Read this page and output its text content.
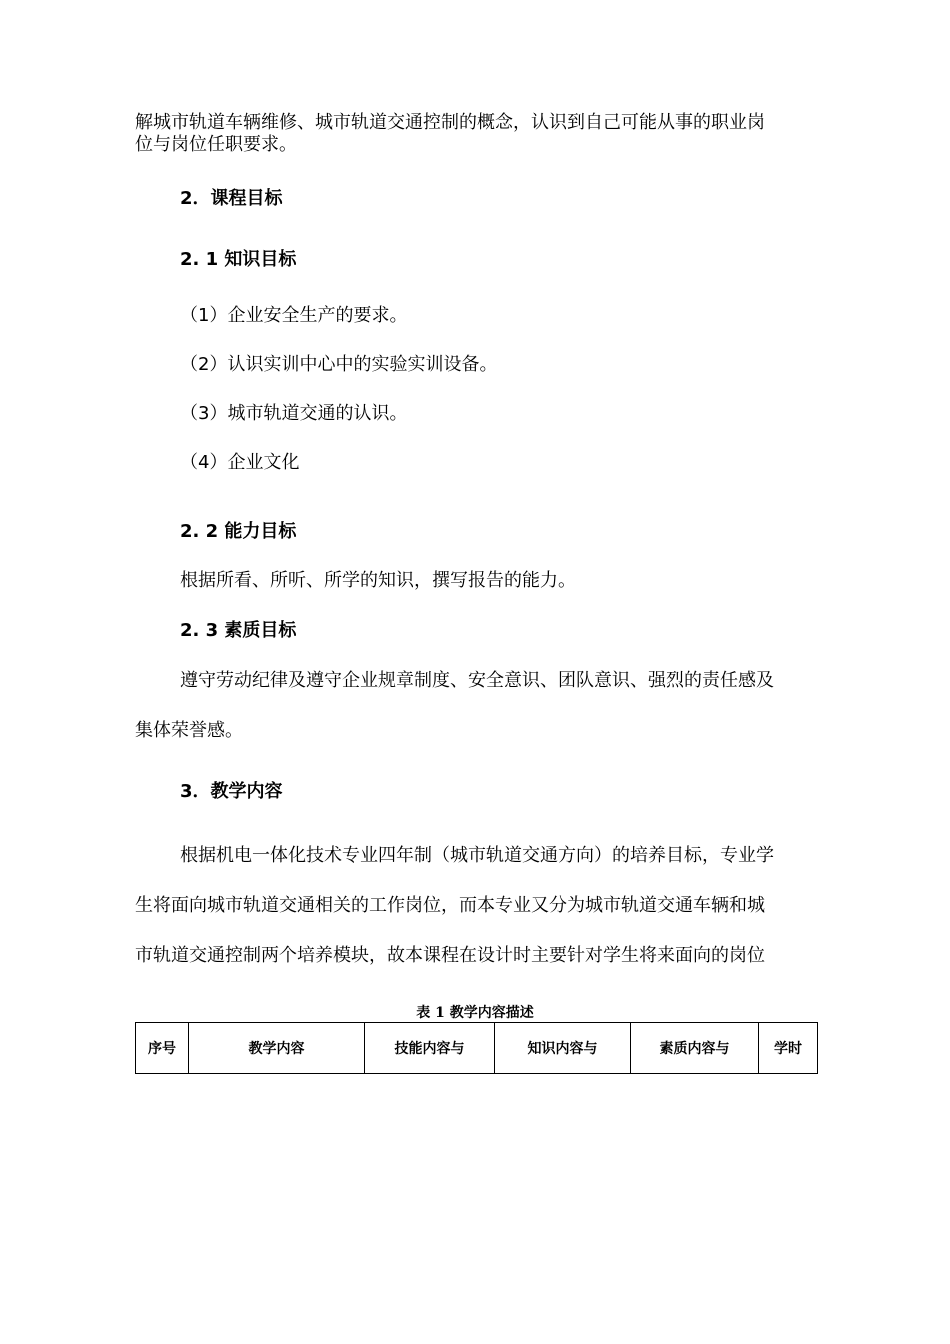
解城市轨道车辆维修、城市轨道交通控制的概念，认识到自己可能从事的职业岗
位与岗位任职要求。
2．课程目标
2. 1 知识目标
（1）企业安全生产的要求。
（2）认识实训中心中的实验实训设备。
（3）城市轨道交通的认识。
（4）企业文化
2. 2 能力目标
根据所看、所听、所学的知识，撰写报告的能力。
2. 3 素质目标
遵守劳动纪律及遵守企业规章制度、安全意识、团队意识、强烈的责任感及
集体荣誉感。
3．教学内容
根据机电一体化技术专业四年制（城市轨道交通方向）的培养目标，专业学
生将面向城市轨道交通相关的工作岗位，而本专业又分为城市轨道交通车辆和城
市轨道交通控制两个培养模块，故本课程在设计时主要针对学生将来面向的岗位
表 1 教学内容描述
序号	教学内容	技能内容与	知识内容与	素质内容与	学时
